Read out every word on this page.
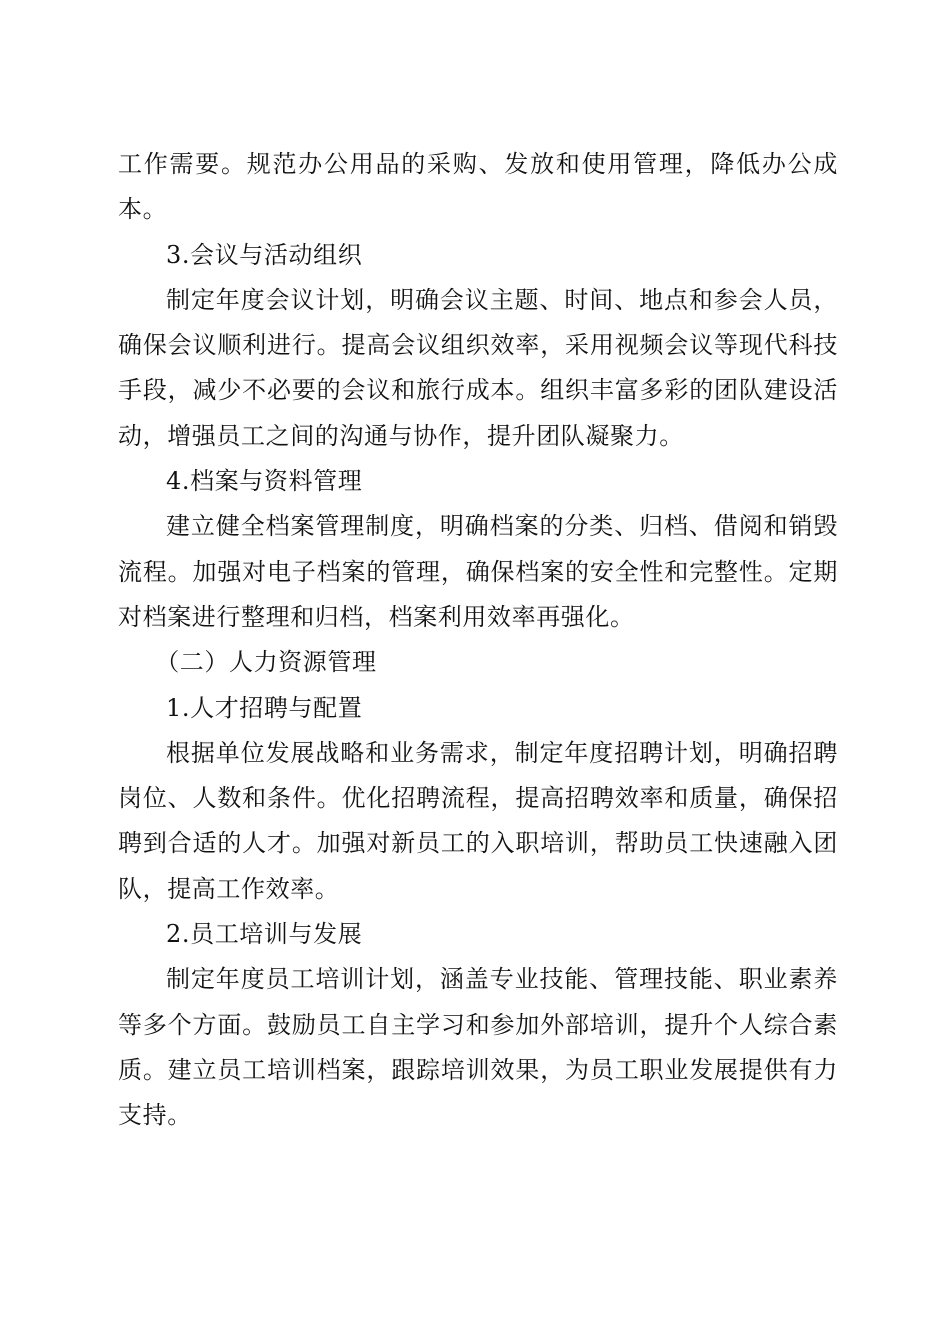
工作需要。规范办公用品的采购、发放和使用管理，降低办公成本。

3.会议与活动组织

制定年度会议计划，明确会议主题、时间、地点和参会人员，确保会议顺利进行。提高会议组织效率，采用视频会议等现代科技手段，减少不必要的会议和旅行成本。组织丰富多彩的团队建设活动，增强员工之间的沟通与协作，提升团队凝聚力。

4.档案与资料管理

建立健全档案管理制度，明确档案的分类、归档、借阅和销毁流程。加强对电子档案的管理，确保档案的安全性和完整性。定期对档案进行整理和归档，档案利用效率再强化。

（二）人力资源管理

1.人才招聘与配置

根据单位发展战略和业务需求，制定年度招聘计划，明确招聘岗位、人数和条件。优化招聘流程，提高招聘效率和质量，确保招聘到合适的人才。加强对新员工的入职培训，帮助员工快速融入团队，提高工作效率。

2.员工培训与发展

制定年度员工培训计划，涵盖专业技能、管理技能、职业素养等多个方面。鼓励员工自主学习和参加外部培训，提升个人综合素质。建立员工培训档案，跟踪培训效果，为员工职业发展提供有力支持。
